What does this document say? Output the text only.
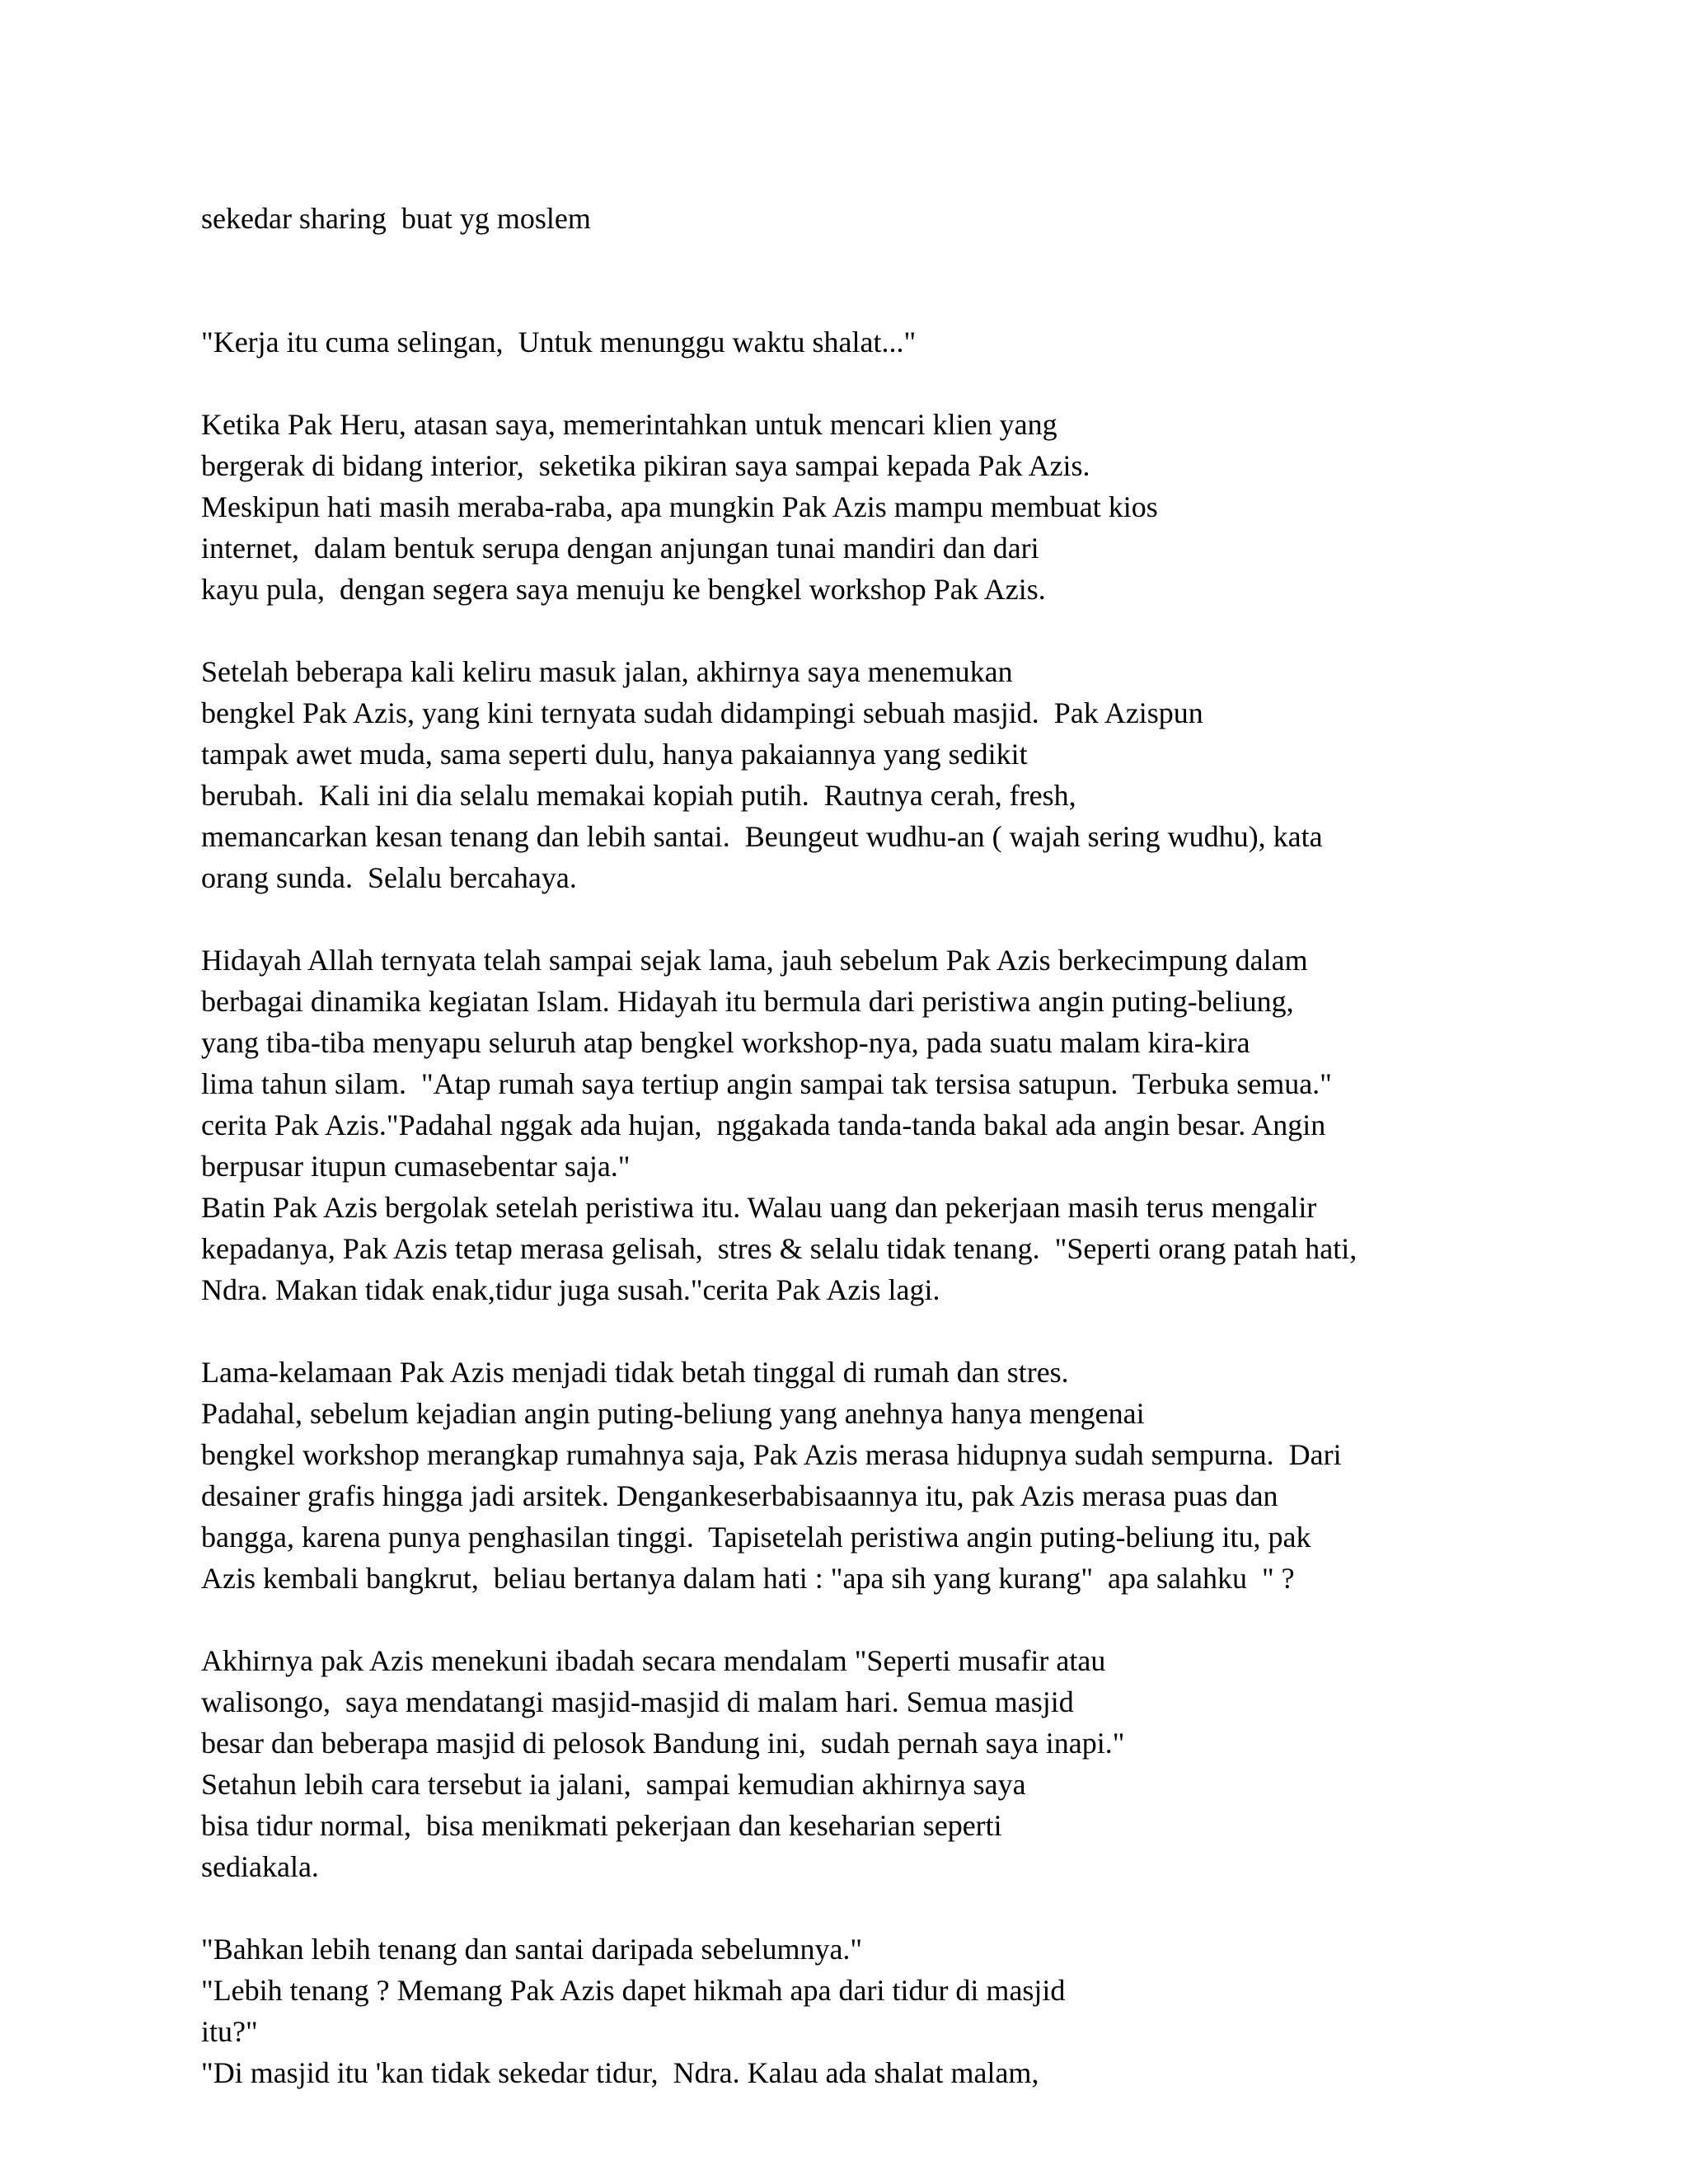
sekedar sharing  buat yg moslem
"Kerja itu cuma selingan,  Untuk menunggu waktu shalat..."
Ketika Pak Heru, atasan saya, memerintahkan untuk mencari klien yang
bergerak di bidang interior,  seketika pikiran saya sampai kepada Pak Azis.
Meskipun hati masih meraba-raba, apa mungkin Pak Azis mampu membuat kios
internet,  dalam bentuk serupa dengan anjungan tunai mandiri dan dari
kayu pula,  dengan segera saya menuju ke bengkel workshop Pak Azis.
Setelah beberapa kali keliru masuk jalan, akhirnya saya menemukan
bengkel Pak Azis, yang kini ternyata sudah didampingi sebuah masjid.  Pak Azispun
tampak awet muda, sama seperti dulu, hanya pakaiannya yang sedikit
berubah.  Kali ini dia selalu memakai kopiah putih.  Rautnya cerah, fresh,
memancarkan kesan tenang dan lebih santai.  Beungeut wudhu-an ( wajah sering wudhu), kata
orang sunda.  Selalu bercahaya.
Hidayah Allah ternyata telah sampai sejak lama, jauh sebelum Pak Azis berkecimpung dalam
berbagai dinamika kegiatan Islam. Hidayah itu bermula dari peristiwa angin puting-beliung,
yang tiba-tiba menyapu seluruh atap bengkel workshop-nya, pada suatu malam kira-kira
lima tahun silam.  "Atap rumah saya tertiup angin sampai tak tersisa satupun.  Terbuka semua."
cerita Pak Azis."Padahal nggak ada hujan,  nggakada tanda-tanda bakal ada angin besar. Angin
berpusar itupun cumasebentar saja."
Batin Pak Azis bergolak setelah peristiwa itu. Walau uang dan pekerjaan masih terus mengalir
kepadanya, Pak Azis tetap merasa gelisah,  stres & selalu tidak tenang.  "Seperti orang patah hati,
Ndra. Makan tidak enak,tidur juga susah."cerita Pak Azis lagi.
Lama-kelamaan Pak Azis menjadi tidak betah tinggal di rumah dan stres.
Padahal, sebelum kejadian angin puting-beliung yang anehnya hanya mengenai
bengkel workshop merangkap rumahnya saja, Pak Azis merasa hidupnya sudah sempurna.  Dari
desainer grafis hingga jadi arsitek. Dengankeserbabisaannya itu, pak Azis merasa puas dan
bangga, karena punya penghasilan tinggi.  Tapisetelah peristiwa angin puting-beliung itu, pak
Azis kembali bangkrut,  beliau bertanya dalam hati : "apa sih yang kurang"  apa salahku  " ?
Akhirnya pak Azis menekuni ibadah secara mendalam "Seperti musafir atau
walisongo,  saya mendatangi masjid-masjid di malam hari. Semua masjid
besar dan beberapa masjid di pelosok Bandung ini,  sudah pernah saya inapi."
Setahun lebih cara tersebut ia jalani,  sampai kemudian akhirnya saya
bisa tidur normal,  bisa menikmati pekerjaan dan keseharian seperti
sediakala.
"Bahkan lebih tenang dan santai daripada sebelumnya."
"Lebih tenang ? Memang Pak Azis dapet hikmah apa dari tidur di masjid
itu?"
"Di masjid itu 'kan tidak sekedar tidur,  Ndra. Kalau ada shalat malam,
